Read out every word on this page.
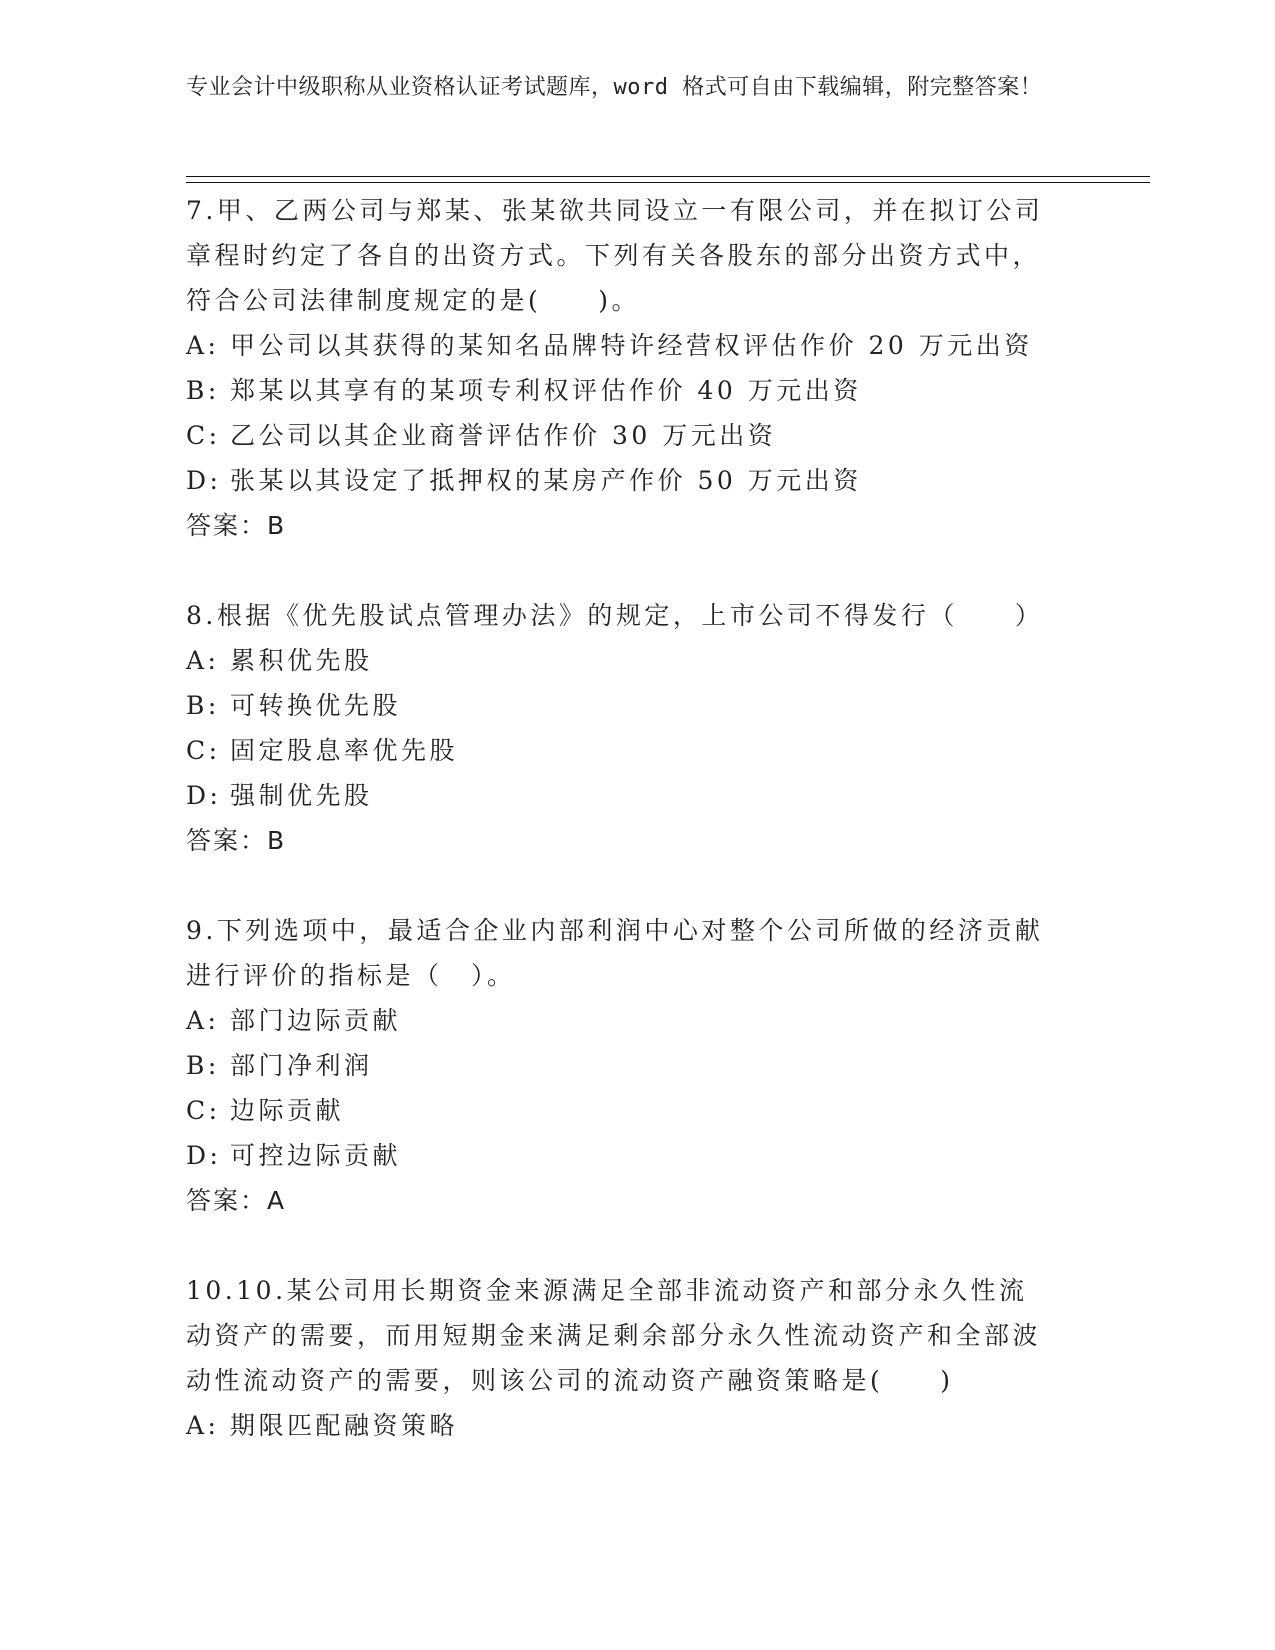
专业会计中级职称从业资格认证考试题库，word 格式可自由下载编辑，附完整答案！
7.甲、乙两公司与郑某、张某欲共同设立一有限公司，并在拟订公司章程时约定了各自的出资方式。下列有关各股东的部分出资方式中，符合公司法律制度规定的是(　　)。
A: 甲公司以其获得的某知名品牌特许经营权评估作价 20 万元出资
B: 郑某以其享有的某项专利权评估作价 40 万元出资
C: 乙公司以其企业商誉评估作价 30 万元出资
D: 张某以其设定了抵押权的某房产作价 50 万元出资
答案：B
8.根据《优先股试点管理办法》的规定，上市公司不得发行（　　）
A: 累积优先股
B: 可转换优先股
C: 固定股息率优先股
D: 强制优先股
答案：B
9.下列选项中，最适合企业内部利润中心对整个公司所做的经济贡献进行评价的指标是（　）。
A: 部门边际贡献
B: 部门净利润
C: 边际贡献
D: 可控边际贡献
答案：A
10.10.某公司用长期资金来源满足全部非流动资产和部分永久性流动资产的需要，而用短期金来满足剩余部分永久性流动资产和全部波动性流动资产的需要，则该公司的流动资产融资策略是(　　)
A: 期限匹配融资策略
